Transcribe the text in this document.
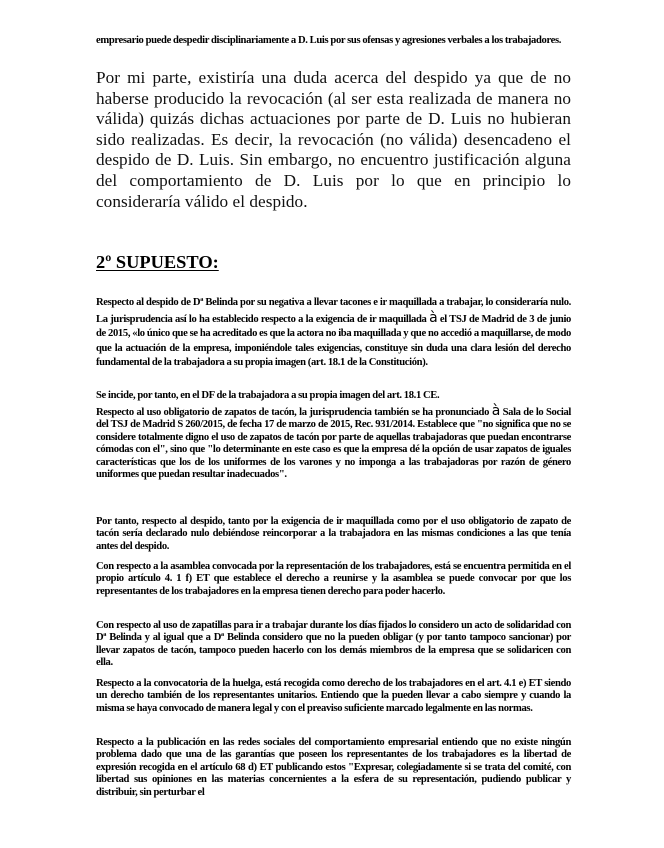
empresario puede despedir disciplinariamente a D. Luis por sus ofensas y agresiones verbales a los trabajadores.

Por mi parte, existiría una duda acerca del despido ya que de no haberse producido la revocación (al ser esta realizada de manera no válida) quizás dichas actuaciones por parte de D. Luis no hubieran sido realizadas. Es decir, la revocación (no válida) desencadeno el despido de D. Luis. Sin embargo, no encuentro justificación alguna del comportamiento de D. Luis por lo que en principio lo consideraría válido el despido.

2º SUPUESTO:

Respecto al despido de Dª Belinda por su negativa a llevar tacones e ir maquillada a trabajar, lo consideraría nulo. La jurisprudencia así lo ha establecido respecto a la exigencia de ir maquillada à el TSJ de Madrid de 3 de junio de 2015, «lo único que se ha acreditado es que la actora no iba maquillada y que no accedió a maquillarse, de modo que la actuación de la empresa, imponiéndole tales exigencias, constituye sin duda una clara lesión del derecho fundamental de la trabajadora a su propia imagen (art. 18.1 de la Constitución).

Se incide, por tanto, en el DF de la trabajadora a su propia imagen del art. 18.1 CE.

Respecto al uso obligatorio de zapatos de tacón, la jurisprudencia también se ha pronunciado à Sala de lo Social del TSJ de Madrid S 260/2015, de fecha 17 de marzo de 2015, Rec. 931/2014. Establece que "no significa que no se considere totalmente digno el uso de zapatos de tacón por parte de aquellas trabajadoras que puedan encontrarse cómodas con el", sino que "lo determinante en este caso es que la empresa dé la opción de usar zapatos de iguales características que los de los uniformes de los varones y no imponga a las trabajadoras por razón de género uniformes que puedan resultar inadecuados".

Por tanto, respecto al despido, tanto por la exigencia de ir maquillada como por el uso obligatorio de zapato de tacón sería declarado nulo debiéndose reincorporar a la trabajadora en las mismas condiciones a las que tenía antes del despido.

Con respecto a la asamblea convocada por la representación de los trabajadores, está se encuentra permitida en el propio artículo 4. 1 f) ET que establece el derecho a reunirse y la asamblea se puede convocar por que los representantes de los trabajadores en la empresa tienen derecho para poder hacerlo.

Con respecto al uso de zapatillas para ir a trabajar durante los días fijados lo considero un acto de solidaridad con Dª Belinda y al igual que a Dª Belinda considero que no la pueden obligar (y por tanto tampoco sancionar) por llevar zapatos de tacón, tampoco pueden hacerlo con los demás miembros de la empresa que se solidaricen con ella.

Respecto a la convocatoria de la huelga, está recogida como derecho de los trabajadores en el art. 4.1 e) ET siendo un derecho también de los representantes unitarios. Entiendo que la pueden llevar a cabo siempre y cuando la misma se haya convocado de manera legal y con el preaviso suficiente marcado legalmente en las normas.

Respecto a la publicación en las redes sociales del comportamiento empresarial entiendo que no existe ningún problema dado que una de las garantías que poseen los representantes de los trabajadores es la libertad de expresión recogida en el artículo 68 d) ET publicando estos "Expresar, colegiadamente si se trata del comité, con libertad sus opiniones en las materias concernientes a la esfera de su representación, pudiendo publicar y distribuir, sin perturbar el
